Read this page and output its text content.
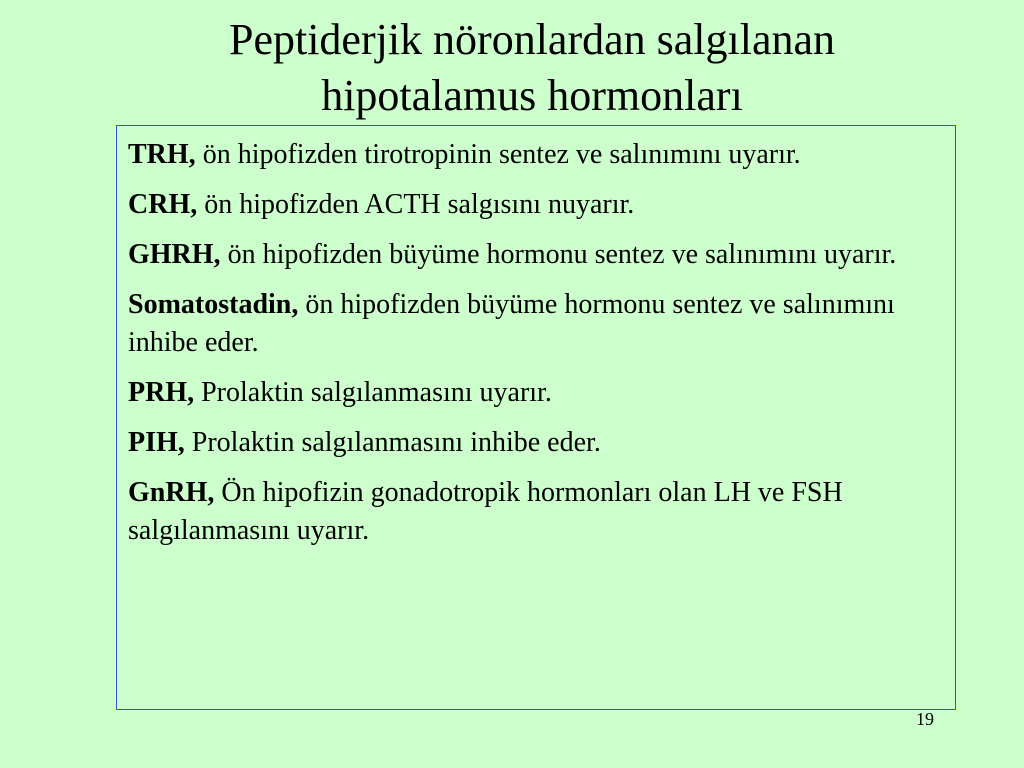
Peptiderjik nöronlardan salgılanan
hipotalamus hormonları

TRH, ön hipofizden tirotropinin sentez ve salınımını uyarır.

CRH, ön hipofizden ACTH salgısını nuyarır.

GHRH, ön hipofizden büyüme hormonu sentez ve salınımını uyarır.

Somatostadin, ön hipofizden büyüme hormonu sentez ve salınımını inhibe eder.

PRH, Prolaktin salgılanmasını uyarır.

PIH, Prolaktin salgılanmasını inhibe eder.

GnRH, Ön hipofizin gonadotropik hormonları olan LH ve FSH salgılanmasını uyarır.

19
